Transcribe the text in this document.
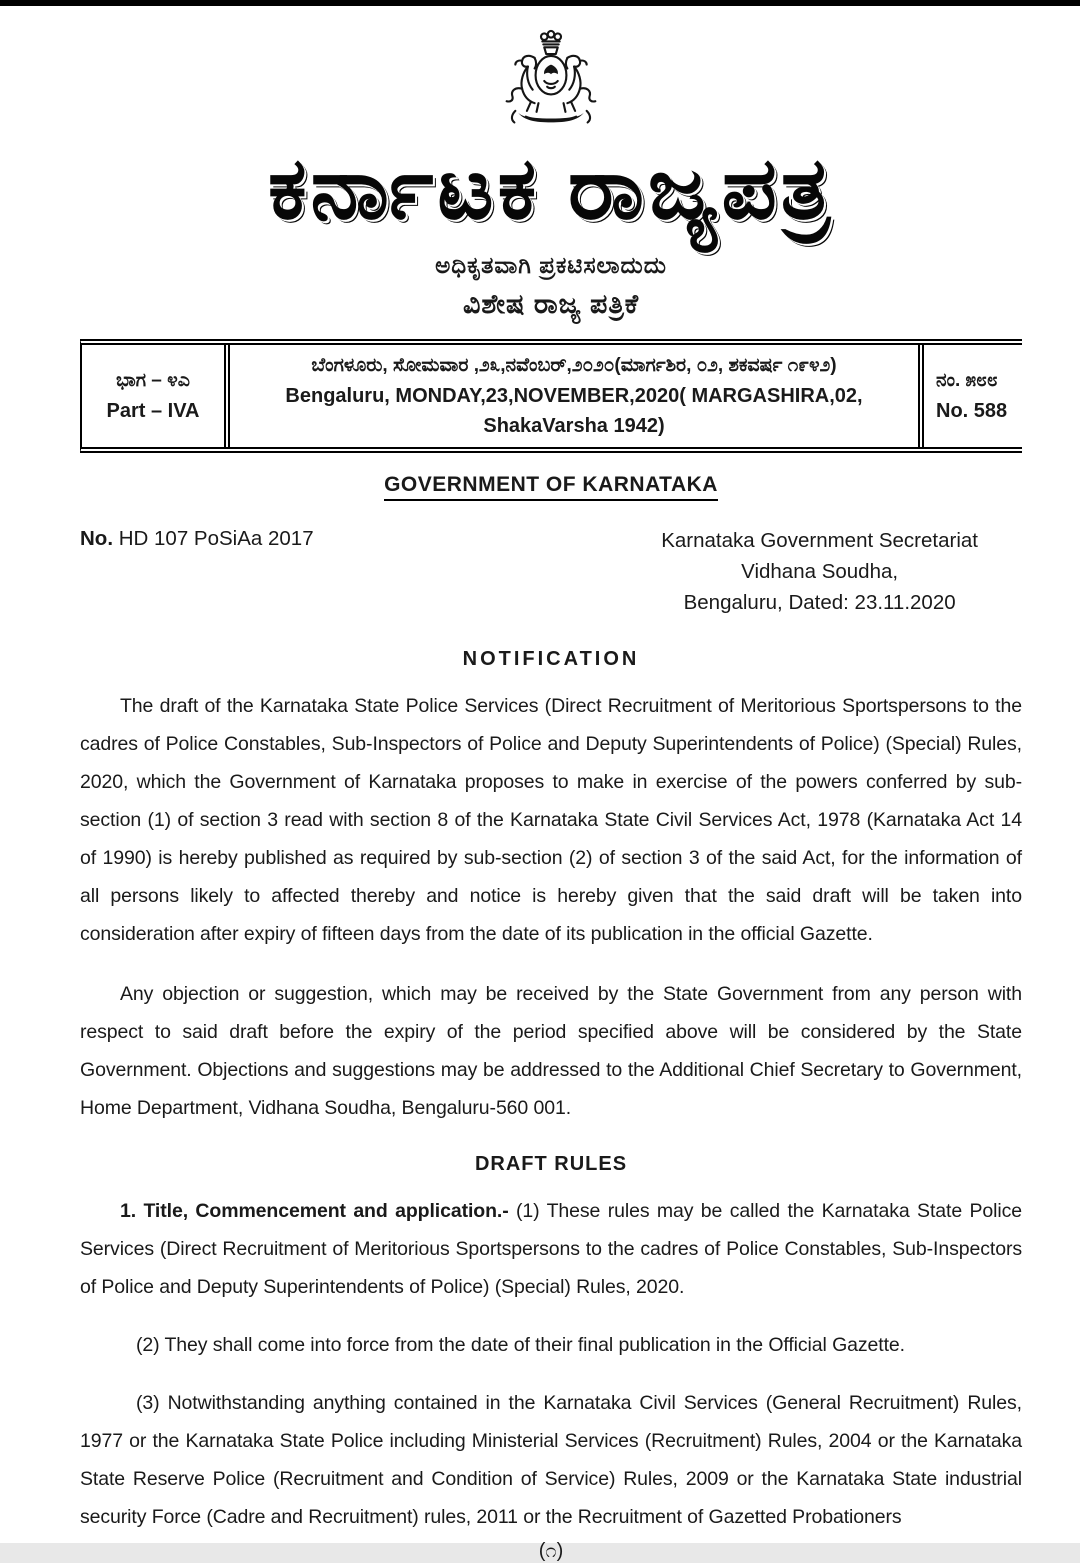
ಕರ್ನಾಟಕ ರಾಜ್ಯಪತ್ರ
ಅಧಿಕೃತವಾಗಿ ಪ್ರಕಟಿಸಲಾದುದು
ವಿಶೇಷ ರಾಜ್ಯ ಪತ್ರಿಕೆ
ಭಾಗ – ೪ಎ
Part – IVA
ಬೆಂಗಳೂರು, ಸೋಮವಾರ ,೨೩,ನವೆಂಬರ್,೨೦೨೦(ಮಾರ್ಗಶಿರ, ೦೨, ಶಕವರ್ಷ ೧೯೪೨)
Bengaluru, MONDAY,23,NOVEMBER,2020( MARGASHIRA,02, ShakaVarsha 1942)
ನಂ. ೫೮೮
No. 588
GOVERNMENT OF KARNATAKA
No. HD 107 PoSiAa 2017	Karnataka Government Secretariat
Vidhana Soudha,
Bengaluru, Dated: 23.11.2020
NOTIFICATION

The draft of the Karnataka State Police Services (Direct Recruitment of Meritorious Sportspersons to the cadres of Police Constables, Sub-Inspectors of Police and Deputy Superintendents of Police) (Special) Rules, 2020, which the Government of Karnataka proposes to make in exercise of the powers conferred by sub-section (1) of section 3 read with section 8 of the Karnataka State Civil Services Act, 1978 (Karnataka Act 14 of 1990) is hereby published as required by sub-section (2) of section 3 of the said Act, for the information of all persons likely to affected thereby and notice is hereby given that the said draft will be taken into consideration after expiry of fifteen days from the date of its publication in the official Gazette.

Any objection or suggestion, which may be received by the State Government from any person with respect to said draft before the expiry of the period specified above will be considered by the State Government. Objections and suggestions may be addressed to the Additional Chief Secretary to Government, Home Department, Vidhana Soudha, Bengaluru-560 001.

DRAFT RULES

1. Title, Commencement and application.- (1) These rules may be called the Karnataka State Police Services (Direct Recruitment of Meritorious Sportspersons to the cadres of Police Constables, Sub-Inspectors of Police and Deputy Superintendents of Police) (Special) Rules, 2020.

(2) They shall come into force from the date of their final publication in the Official Gazette.

(3) Notwithstanding anything contained in the Karnataka Civil Services (General Recruitment) Rules, 1977 or the Karnataka State Police including Ministerial Services (Recruitment) Rules, 2004 or the Karnataka State Reserve Police (Recruitment and Condition of Service) Rules, 2009 or the Karnataka State industrial security Force (Cadre and Recruitment) rules, 2011 or the Recruitment of Gazetted Probationers

(೧)
